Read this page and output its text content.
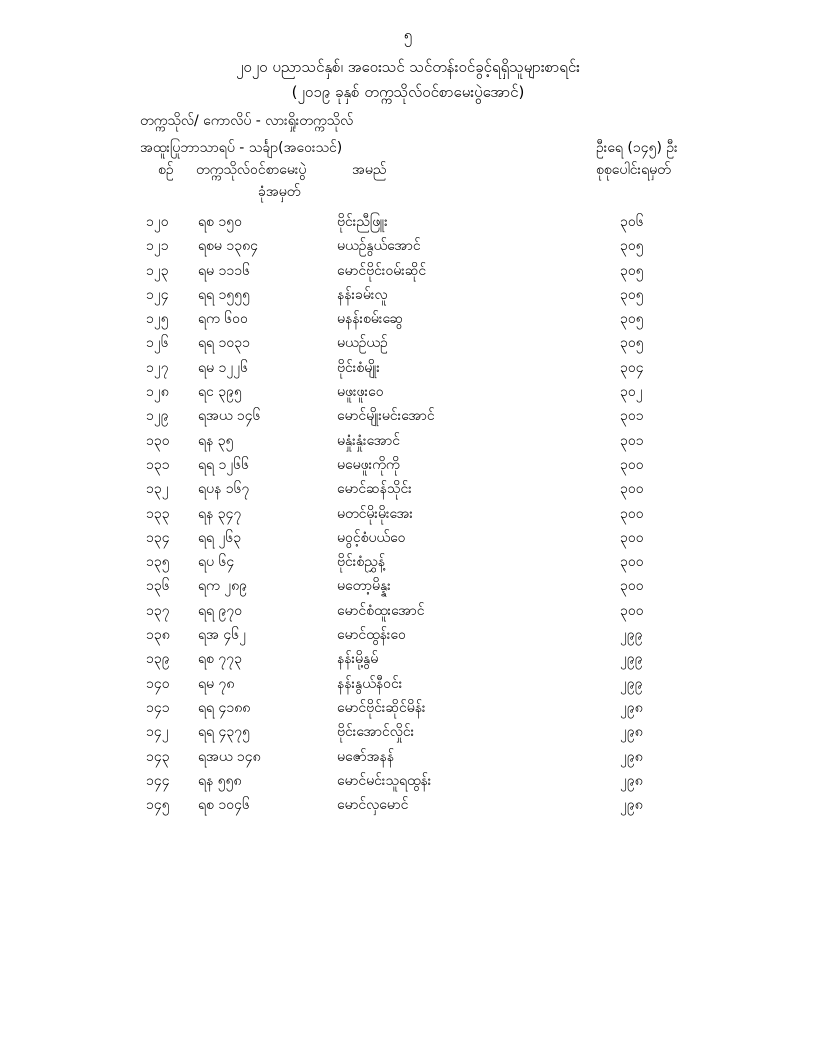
၅
၂၀၂၀ ပညာသင်နှစ်၊ အဝေးသင် သင်တန်းဝင်ခွင့်ရရှိသူများစာရင်း
(၂၀၁၉ ခုနှစ် တက္ကသိုလ်ဝင်စာမေးပွဲအောင်)
တက္ကသိုလ်/ ကောလိပ် - လားရှိုးတက္ကသိုလ်
အထူးပြုဘာသာရပ် - သင်္ချာ(အဝေးသင်)	ဦးရေ (၁၄၅) ဦး
စဉ် တက္ကသိုလ်ဝင်စာမေးပွဲ
ခုံအမှတ်
အမည်	စုစုပေါင်းရမှတ်
၁၂၀ ရစ ၁၅၀	ဗိုင်းညီဖြူး	၃၀၆
၁၂၁ ရစမ ၁၃၈၄	မယဉ်နွယ်အောင်	၃၀၅
၁၂၃ ရမ ၁၁၁၆	မောင်ဗိုင်းဝမ်းဆိုင်	၃၀၅
၁၂၄ ရရ ၁၅၅၅	နန်းခမ်းလူ	၃၀၅
၁၂၅ ရက ၆၀၀	မနန်းစမ်းဆွေ	၃၀၅
၁၂၆ ရရ ၁၀၃၁	မယဉ်ယဉ်	၃၀၅
၁၂၇ ရမ ၁၂၂၆	ဗိုင်းစံမျိုး	၃၀၄
၁၂၈ ရင ၃၉၅	မဖူးဖူးဝေ	၃၀၂
၁၂၉ ရအယ ၁၄၆	မောင်မျိုးမင်းအောင်	၃၀၁
၁၃၀ ရန ၃၅	မနှုံးနှုံးအောင်	၃၀၁
၁၃၁ ရရ ၁၂၆၆	မမေဖူးကိုကို	၃၀၀
၁၃၂ ရပန ၁၆၇	မောင်ဆန်သိုင်း	၃၀၀
၁၃၃ ရန ၃၄၇	မတင်မိုးမိုးအေး	၃၀၀
၁၃၄ ရရ ၂၆၃	မဝွင့်စံပယ်ဝေ	၃၀၀
၁၃၅ ရပ ၆၄	ဗိုင်းစံညွှန့်	၃၀၀
၁၃၆ ရက ၂၈၉	မတော့မိန္နး	၃၀၀
၁၃၇ ရရ ၉၇၀	မောင်စံထူးအောင်	၃၀၀
၁၃၈ ရအ ၄၆၂	မောင်ထွန်းဝေ	၂၉၉
၁၃၉ ရစ ၇၇၃	နန်းမို့နွမ်	၂၉၉
၁၄၀ ရမ ၇၈	နန်းနွယ်နီဝင်း	၂၉၉
၁၄၁ ရရ ၄၁၈၈	မောင်ဗိုင်းဆိုင်မိန်း	၂၉၈
၁၄၂ ရရ ၄၃၇၅	ဗိုင်းအောင်လှိုင်း	၂၉၈
၁၄၃ ရအယ ၁၄၈	မဇော်အနန်	၂၉၈
၁၄၄ ရန ၅၅၈	မောင်မင်းသူရထွန်း	၂၉၈
၁၄၅ ရစ ၁၀၄၆	မောင်လှမောင်	၂၉၈
